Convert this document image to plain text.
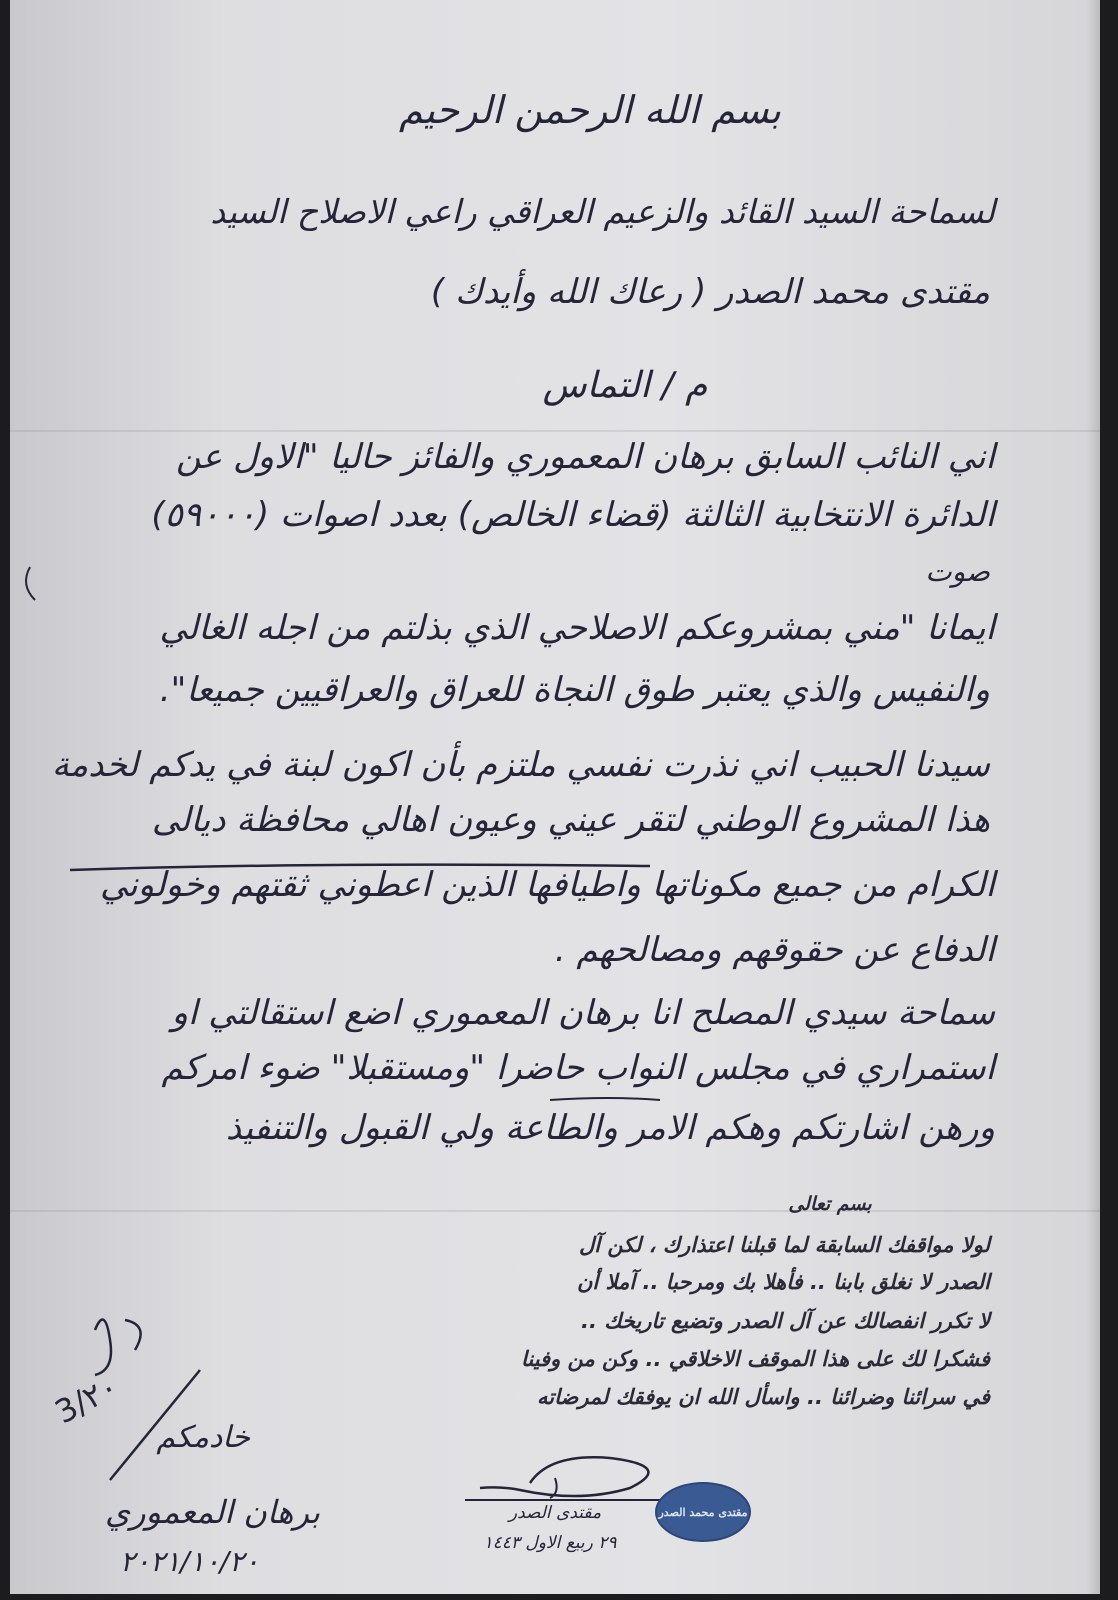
بسم الله الرحمن الرحيم
لسماحة السيد القائد والزعيم العراقي راعي الاصلاح السيد
مقتدى محمد الصدر ( رعاك الله وأيدك )
م / التماس
اني النائب السابق برهان المعموري والفائز حاليا "الاول عن
الدائرة الانتخابية الثالثة (قضاء الخالص) بعدد اصوات (٥٩٠٠٠)
صوت
ايمانا "مني بمشروعكم الاصلاحي الذي بذلتم من اجله الغالي
والنفيس والذي يعتبر طوق النجاة للعراق والعراقيين جميعا".
سيدنا الحبيب اني نذرت نفسي ملتزم بأن اكون لبنة في يدكم لخدمة
هذا المشروع الوطني لتقر عيني وعيون اهالي محافظة ديالى
الكرام من جميع مكوناتها واطيافها الذين اعطوني ثقتهم وخولوني
الدفاع عن حقوقهم ومصالحهم .
سماحة سيدي المصلح انا برهان المعموري اضع استقالتي او
استمراري في مجلس النواب حاضرا "ومستقبلا" ضوء امركم
ورهن اشارتكم وهكم الامر والطاعة ولي القبول والتنفيذ
بسم تعالى
لولا مواقفك السابقة لما قبلنا اعتذارك ، لكن آل
الصدر لا نغلق بابنا .. فأهلا بك ومرحبا .. آملا أن
لا تكرر انفصالك عن آل الصدر وتضيع تاريخك ..
فشكرا لك على هذا الموقف الاخلاقي .. وكن من وفينا
في سرائنا وضرائنا .. واسأل الله ان يوفقك لمرضاته
مقتدى الصدر
٢٩ ربيع الاول ١٤٤٣
مقتدى محمد الصدر
3/٢٠
خادمكم
برهان المعموري
٢٠٢١/١٠/٢٠
